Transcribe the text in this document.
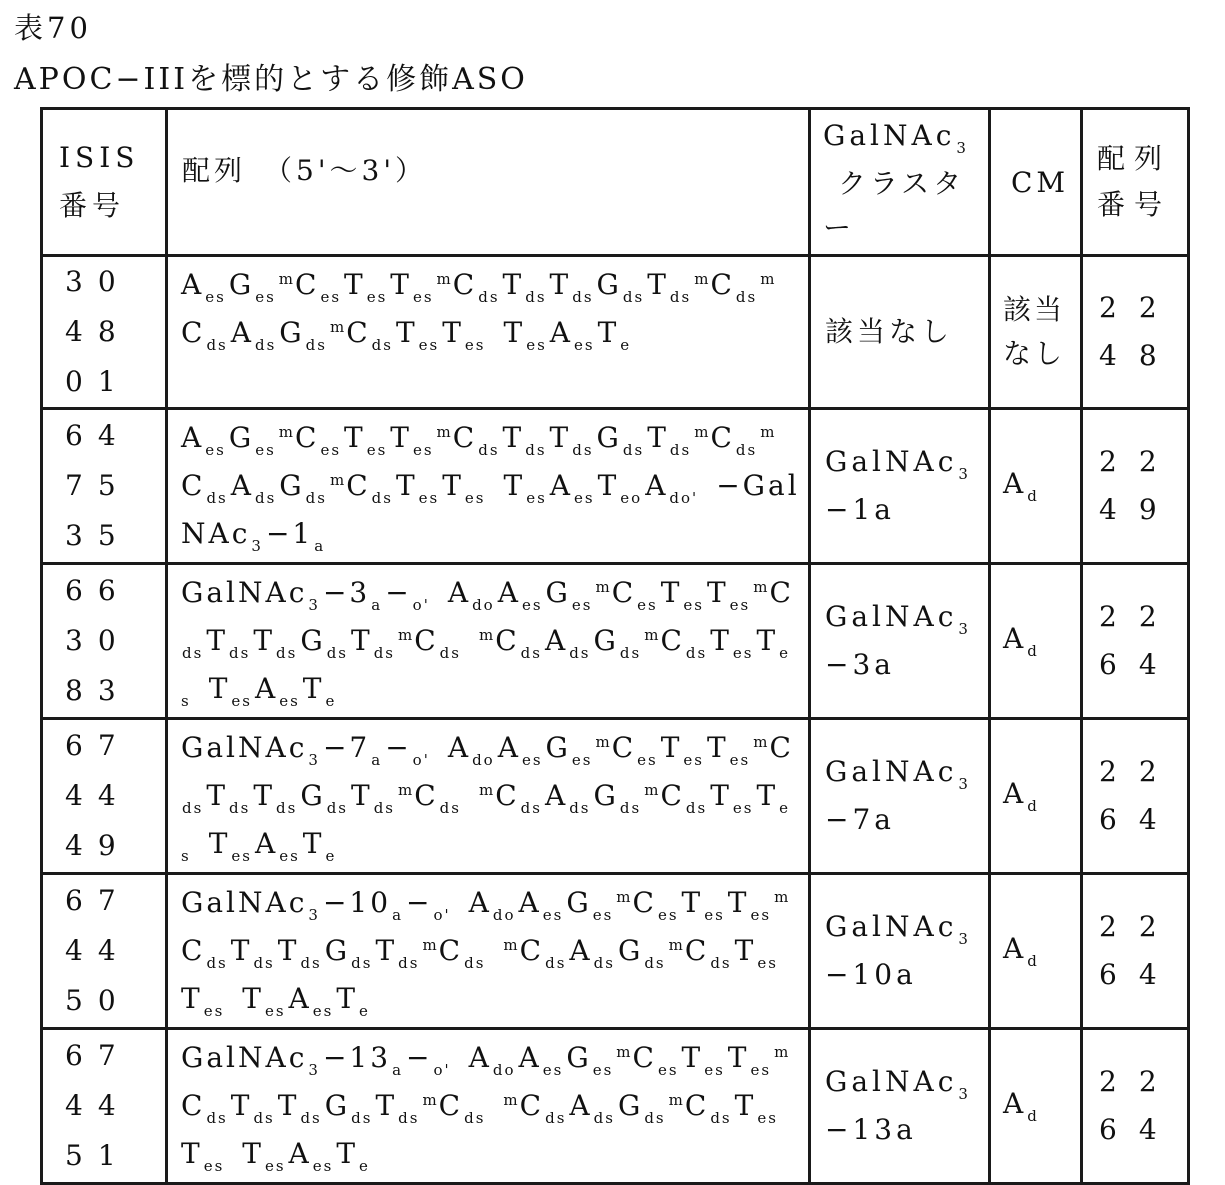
表70
APOC−IIIを標的とする修飾ASO
ISIS番号	配列　（5'～3'）	GalNAc$_3$クラスター	CM	配列番号
304801	$A_{es}$ $G_{es}^mC_{es}$ $T_{es}$ $T_{es}^mC_{ds}$ $T_{ds}$ $T_{ds}$ $G_{ds}$ $T_{ds}^mC_{ds}^mC_{ds}$ $A_{ds}$ $G_{ds}^mC_{ds}$ $T_{es}$ $T_{es}$ $T_{es}$ $A_{es}$ $T_e$	該当なし	該当なし	2248
647535	$A_{es}$ $G_{es}^mC_{es}$ $T_{es}$ $T_{es}^mC_{ds}$ $T_{ds}$ $T_{ds}$ $G_{ds}$ $T_{ds}^mC_{ds}^mC_{ds}$ $A_{ds}$ $G_{ds}^mC_{ds}$ $T_{es}$ $T_{es}$ $T_{es}$ $A_{es}$ $T_{eo}$ $A_{do'}$ −GalNAc$_3$ $-1_a$	GalNAc$_3$−1a	$A_d$	2249
663083	GalNAc$_3$ $-3_a -_{o'}$ $A_{do}$ $A_{es}$ $G_{es}^mC_{es}$ $T_{es}$ $T_{es}^mC_{ds}$ $T_{ds}$ $T_{ds}$ $G_{ds}$ $T_{ds}^mC_{ds}^mC_{ds}$ $A_{ds}$ $G_{ds}^mC_{ds}$ $T_{es}$ $T_{es}$ $T_{es}$ $A_{es}$ $T_e$	GalNAc$_3$−3a	$A_d$	2264
674449	GalNAc$_3$ $-7_a -_{o'}$ $A_{do}$ $A_{es}$ $G_{es}^mC_{es}$ $T_{es}$ $T_{es}^mC_{ds}$ $T_{ds}$ $T_{ds}$ $G_{ds}$ $T_{ds}^mC_{ds}^mC_{ds}$ $A_{ds}$ $G_{ds}^mC_{ds}$ $T_{es}$ $T_{es}$ $T_{es}$ $A_{es}$ $T_e$	GalNAc$_3$−7a	$A_d$	2264
674450	GalNAc$_3$ $-10_a -_{o'}$ $A_{do}$ $A_{es}$ $G_{es}^mC_{es}$ $T_{es}$ $T_{es}^mC_{ds}$ $T_{ds}$ $T_{ds}$ $G_{ds}$ $T_{ds}^mC_{ds}^mC_{ds}$ $A_{ds}$ $G_{ds}^mC_{ds}$ $T_{es}T_{es}$ $T_{es}$ $A_{es}$ $T_e$	GalNAc$_3$−10a	$A_d$	2264
674451	GalNAc$_3$ $-13_a -_{o'}$ $A_{do}$ $A_{es}$ $G_{es}^mC_{es}$ $T_{es}$ $T_{es}^mC_{ds}$ $T_{ds}$ $T_{ds}$ $G_{ds}$ $T_{ds}^mC_{ds}^mC_{ds}$ $A_{ds}$ $G_{ds}^mC_{ds}$ $T_{es}T_{es}$ $T_{es}$ $A_{es}$ $T_e$	GalNAc$_3$−13a	$A_d$	2264
